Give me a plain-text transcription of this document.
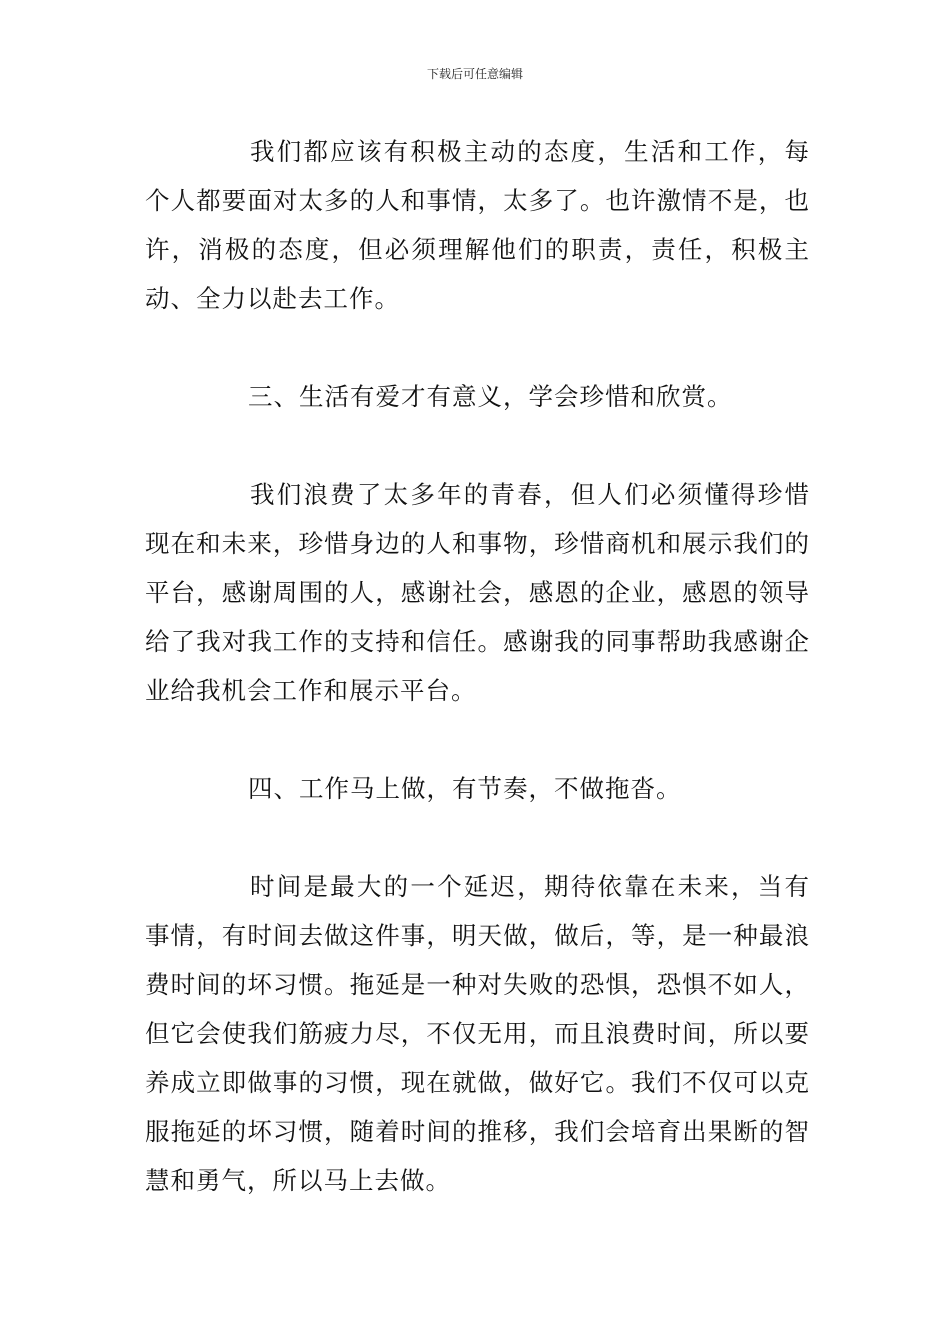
下载后可任意编辑

我们都应该有积极主动的态度，生活和工作，每个人都要面对太多的人和事情，太多了。也许激情不是，也许，消极的态度，但必须理解他们的职责，责任，积极主动、全力以赴去工作。

三、生活有爱才有意义，学会珍惜和欣赏。

我们浪费了太多年的青春，但人们必须懂得珍惜现在和未来，珍惜身边的人和事物，珍惜商机和展示我们的平台，感谢周围的人，感谢社会，感恩的企业，感恩的领导给了我对我工作的支持和信任。感谢我的同事帮助我感谢企业给我机会工作和展示平台。

四、工作马上做，有节奏，不做拖沓。

时间是最大的一个延迟，期待依靠在未来，当有事情，有时间去做这件事，明天做，做后，等，是一种最浪费时间的坏习惯。拖延是一种对失败的恐惧，恐惧不如人，但它会使我们筋疲力尽，不仅无用，而且浪费时间，所以要养成立即做事的习惯，现在就做，做好它。我们不仅可以克服拖延的坏习惯，随着时间的推移，我们会培育出果断的智慧和勇气，所以马上去做。
